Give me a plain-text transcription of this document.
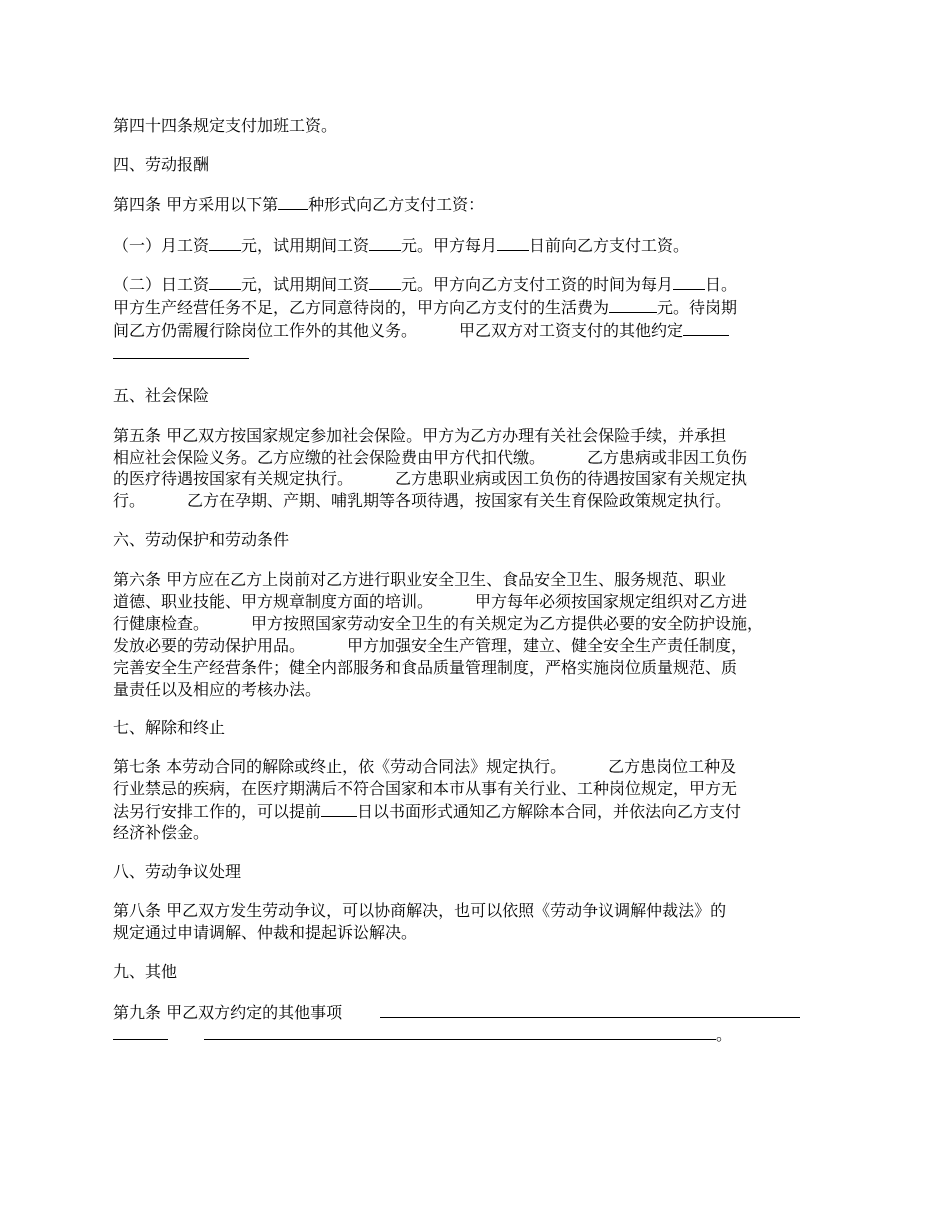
第四十四条规定支付加班工资。

四、劳动报酬

第四条 甲方采用以下第 种形式向乙方支付工资：

（一）月工资 元，试用期间工资 元。甲方每月 日前向乙方支付工资。

（二）日工资 元，试用期间工资 元。甲方向乙方支付工资的时间为每月 日。

甲方生产经营任务不足，乙方同意待岗的，甲方向乙方支付的生活费为	元。待岗期

间乙方仍需履行除岗位工作外的其他义务。	甲乙双方对工资支付的其他约定

五、社会保险

第五条 甲乙双方按国家规定参加社会保险。甲方为乙方办理有关社会保险手续，并承担

相应社会保险义务。乙方应缴的社会保险费由甲方代扣代缴。	乙方患病或非因工负伤

的医疗待遇按国家有关规定执行。	乙方患职业病或因工负伤的待遇按国家有关规定执

行。	乙方在孕期、产期、哺乳期等各项待遇，按国家有关生育保险政策规定执行。

六、劳动保护和劳动条件

第六条 甲方应在乙方上岗前对乙方进行职业安全卫生、食品安全卫生、服务规范、职业

道德、职业技能、甲方规章制度方面的培训。	甲方每年必须按国家规定组织对乙方进

行健康检查。	甲方按照国家劳动安全卫生的有关规定为乙方提供必要的安全防护设施，

发放必要的劳动保护用品。	甲方加强安全生产管理，建立、健全安全生产责任制度，

完善安全生产经营条件；健全内部服务和食品质量管理制度，严格实施岗位质量规范、质

量责任以及相应的考核办法。

七、解除和终止

第七条 本劳动合同的解除或终止，依《劳动合同法》规定执行。	乙方患岗位工种及

行业禁忌的疾病，在医疗期满后不符合国家和本市从事有关行业、工种岗位规定，甲方无

法另行安排工作的，可以提前 日以书面形式通知乙方解除本合同，并依法向乙方支付

经济补偿金。

八、劳动争议处理

第八条 甲乙双方发生劳动争议，可以协商解决，也可以依照《劳动争议调解仲裁法》的

规定通过申请调解、仲裁和提起诉讼解决。

九、其他

第九条 甲乙双方约定的其他事项

。
